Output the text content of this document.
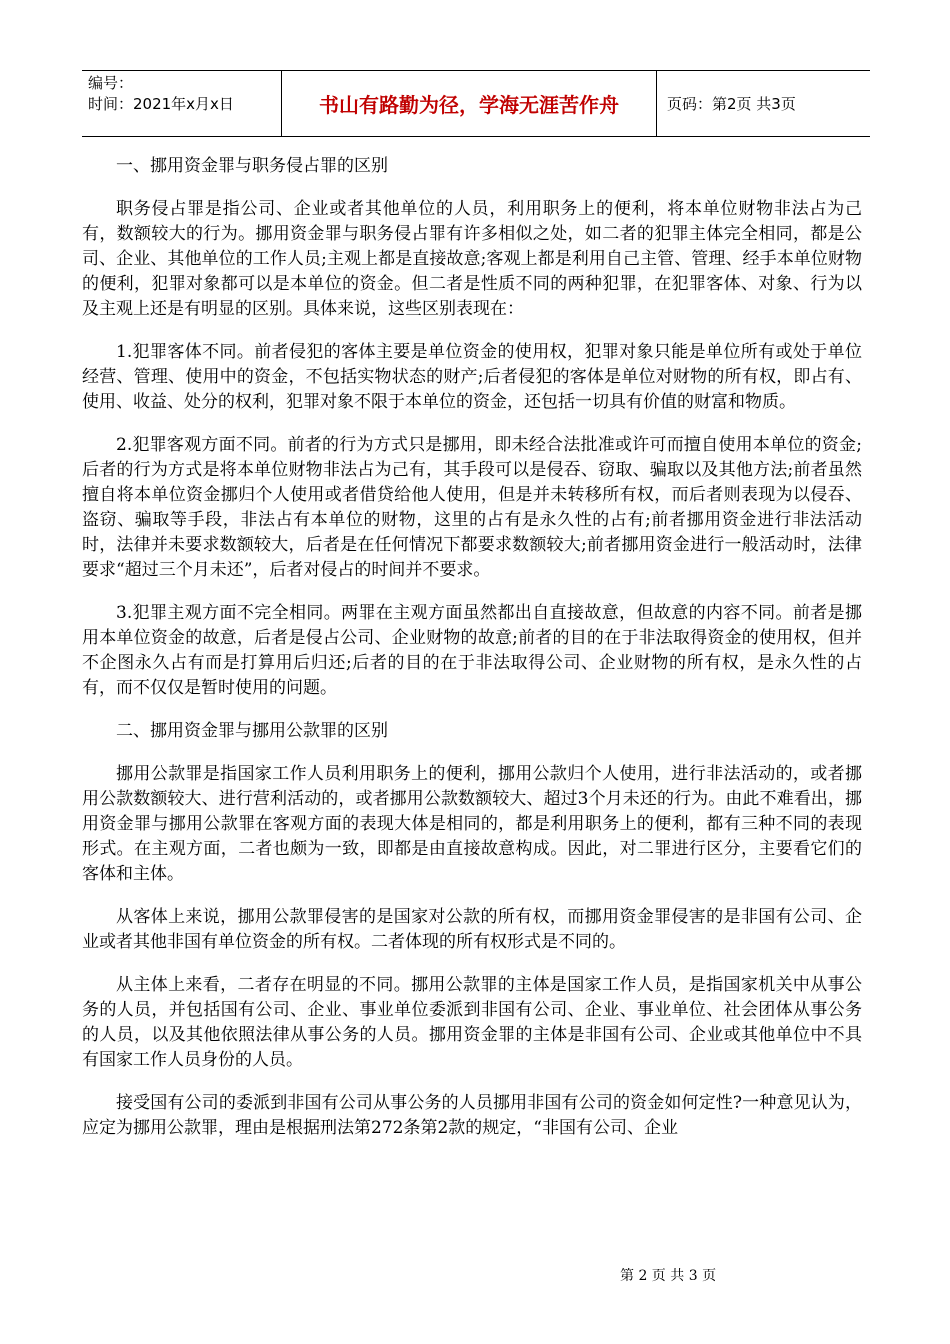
编号：
时间：2021年x月x日	书山有路勤为径，学海无涯苦作舟	页码：第2页 共3页

一、挪用资金罪与职务侵占罪的区别

职务侵占罪是指公司、企业或者其他单位的人员，利用职务上的便利，将本单位财物非法占为己有，数额较大的行为。挪用资金罪与职务侵占罪有许多相似之处，如二者的犯罪主体完全相同，都是公司、企业、其他单位的工作人员;主观上都是直接故意;客观上都是利用自己主管、管理、经手本单位财物的便利，犯罪对象都可以是本单位的资金。但二者是性质不同的两种犯罪，在犯罪客体、对象、行为以及主观上还是有明显的区别。具体来说，这些区别表现在：

1.犯罪客体不同。前者侵犯的客体主要是单位资金的使用权，犯罪对象只能是单位所有或处于单位经营、管理、使用中的资金，不包括实物状态的财产;后者侵犯的客体是单位对财物的所有权，即占有、使用、收益、处分的权利，犯罪对象不限于本单位的资金，还包括一切具有价值的财富和物质。

2.犯罪客观方面不同。前者的行为方式只是挪用，即未经合法批准或许可而擅自使用本单位的资金;后者的行为方式是将本单位财物非法占为己有，其手段可以是侵吞、窃取、骗取以及其他方法;前者虽然擅自将本单位资金挪归个人使用或者借贷给他人使用，但是并未转移所有权，而后者则表现为以侵吞、盗窃、骗取等手段，非法占有本单位的财物，这里的占有是永久性的占有;前者挪用资金进行非法活动时，法律并未要求数额较大，后者是在任何情况下都要求数额较大;前者挪用资金进行一般活动时，法律要求“超过三个月未还”，后者对侵占的时间并不要求。

3.犯罪主观方面不完全相同。两罪在主观方面虽然都出自直接故意，但故意的内容不同。前者是挪用本单位资金的故意，后者是侵占公司、企业财物的故意;前者的目的在于非法取得资金的使用权，但并不企图永久占有而是打算用后归还;后者的目的在于非法取得公司、企业财物的所有权，是永久性的占有，而不仅仅是暂时使用的问题。

二、挪用资金罪与挪用公款罪的区别

挪用公款罪是指国家工作人员利用职务上的便利，挪用公款归个人使用，进行非法活动的，或者挪用公款数额较大、进行营利活动的，或者挪用公款数额较大、超过3个月未还的行为。由此不难看出，挪用资金罪与挪用公款罪在客观方面的表现大体是相同的，都是利用职务上的便利，都有三种不同的表现形式。在主观方面，二者也颇为一致，即都是由直接故意构成。因此，对二罪进行区分，主要看它们的客体和主体。

从客体上来说，挪用公款罪侵害的是国家对公款的所有权，而挪用资金罪侵害的是非国有公司、企业或者其他非国有单位资金的所有权。二者体现的所有权形式是不同的。

从主体上来看，二者存在明显的不同。挪用公款罪的主体是国家工作人员，是指国家机关中从事公务的人员，并包括国有公司、企业、事业单位委派到非国有公司、企业、事业单位、社会团体从事公务的人员，以及其他依照法律从事公务的人员。挪用资金罪的主体是非国有公司、企业或其他单位中不具有国家工作人员身份的人员。

接受国有公司的委派到非国有公司从事公务的人员挪用非国有公司的资金如何定性?一种意见认为，应定为挪用公款罪，理由是根据刑法第272条第2款的规定，“非国有公司、企业

第 2 页 共 3 页
